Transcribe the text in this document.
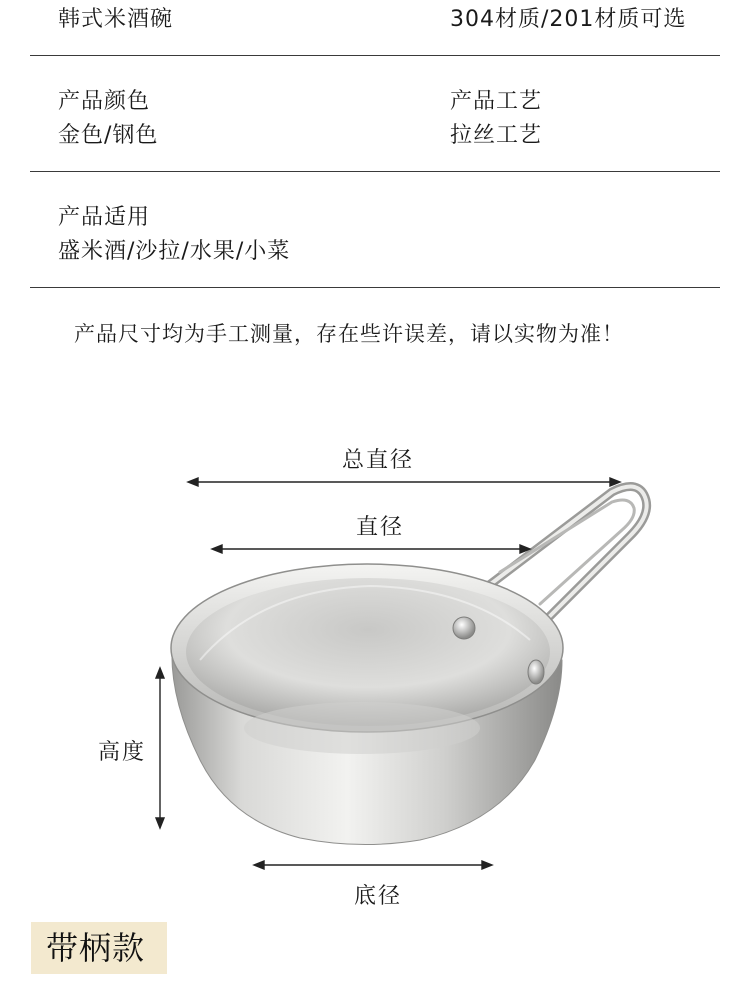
韩式米酒碗	304材质/201材质可选
产品颜色
金色/钢色
产品工艺
拉丝工艺
产品适用
盛米酒/沙拉/水果/小菜
产品尺寸均为手工测量，存在些许误差，请以实物为准！
总直径
直径
高度
底径
带柄款
